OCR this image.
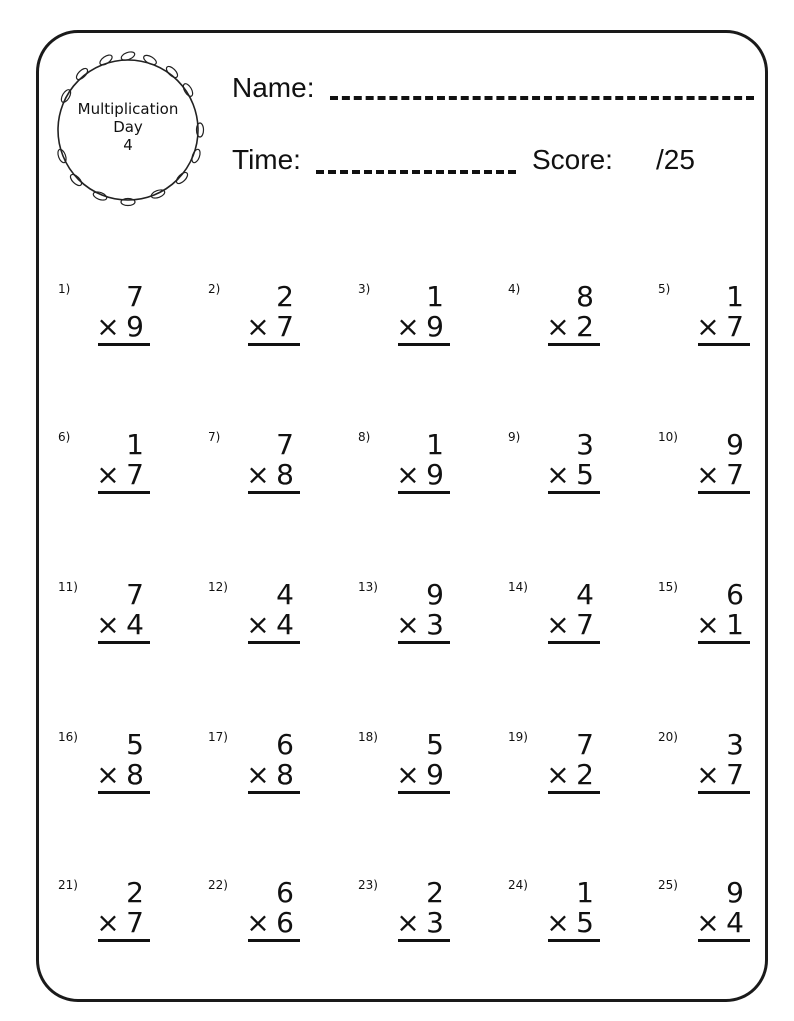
Multiplication
Day
4
Name:
Time:	Score: /25
1) 7
× 9
2) 2
× 7
3) 1
× 9
4) 8
× 2
5) 1
× 7
6) 1
× 7
7) 7
× 8
8) 1
× 9
9) 3
× 5
10) 9
× 7
11) 7
× 4
12) 4
× 4
13) 9
× 3
14) 4
× 7
15) 6
× 1
16) 5
× 8
17) 6
× 8
18) 5
× 9
19) 7
× 2
20) 3
× 7
21) 2
× 7
22) 6
× 6
23) 2
× 3
24) 1
× 5
25) 9
× 4
